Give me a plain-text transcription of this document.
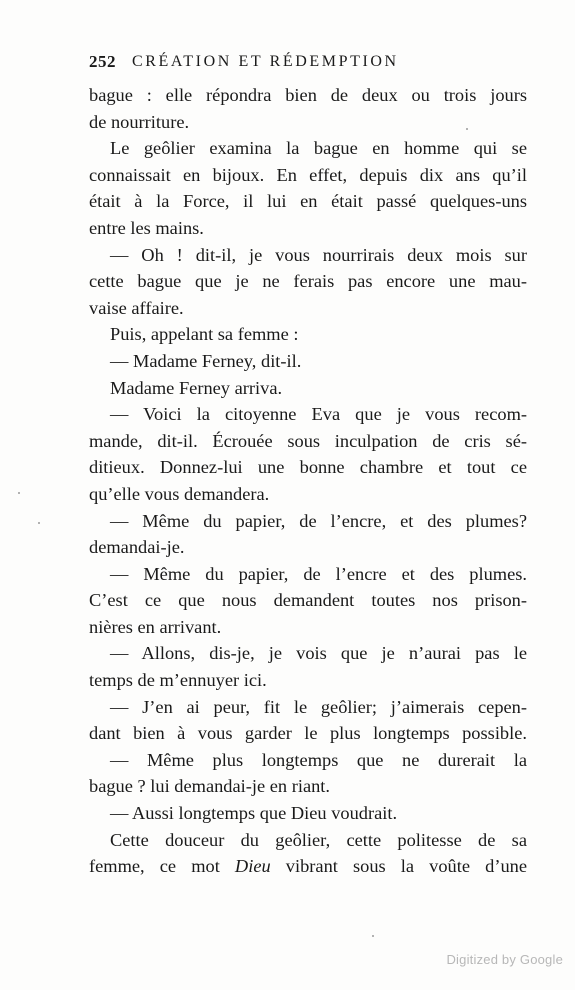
252 CRÉATION ET RÉDEMPTION
bague : elle répondra bien de deux ou trois jours
de nourriture.
Le geôlier examina la bague en homme qui se
connaissait en bijoux. En effet, depuis dix ans qu’il
était à la Force, il lui en était passé quelques-uns
entre les mains.
— Oh ! dit-il, je vous nourrirais deux mois sur
cette bague que je ne ferais pas encore une mau-
vaise affaire.
Puis, appelant sa femme :
— Madame Ferney, dit-il.
Madame Ferney arriva.
— Voici la citoyenne Eva que je vous recom-
mande, dit-il. Écrouée sous inculpation de cris sé-
ditieux. Donnez-lui une bonne chambre et tout ce
qu’elle vous demandera.
— Même du papier, de l’encre, et des plumes?
demandai-je.
— Même du papier, de l’encre et des plumes.
C’est ce que nous demandent toutes nos prison-
nières en arrivant.
— Allons, dis-je, je vois que je n’aurai pas le
temps de m’ennuyer ici.
— J’en ai peur, fit le geôlier; j’aimerais cepen-
dant bien à vous garder le plus longtemps possible.
— Même plus longtemps que ne durerait la
bague ? lui demandai-je en riant.
— Aussi longtemps que Dieu voudrait.
Cette douceur du geôlier, cette politesse de sa
femme, ce mot Dieu vibrant sous la voûte d’une
Digitized by Google
